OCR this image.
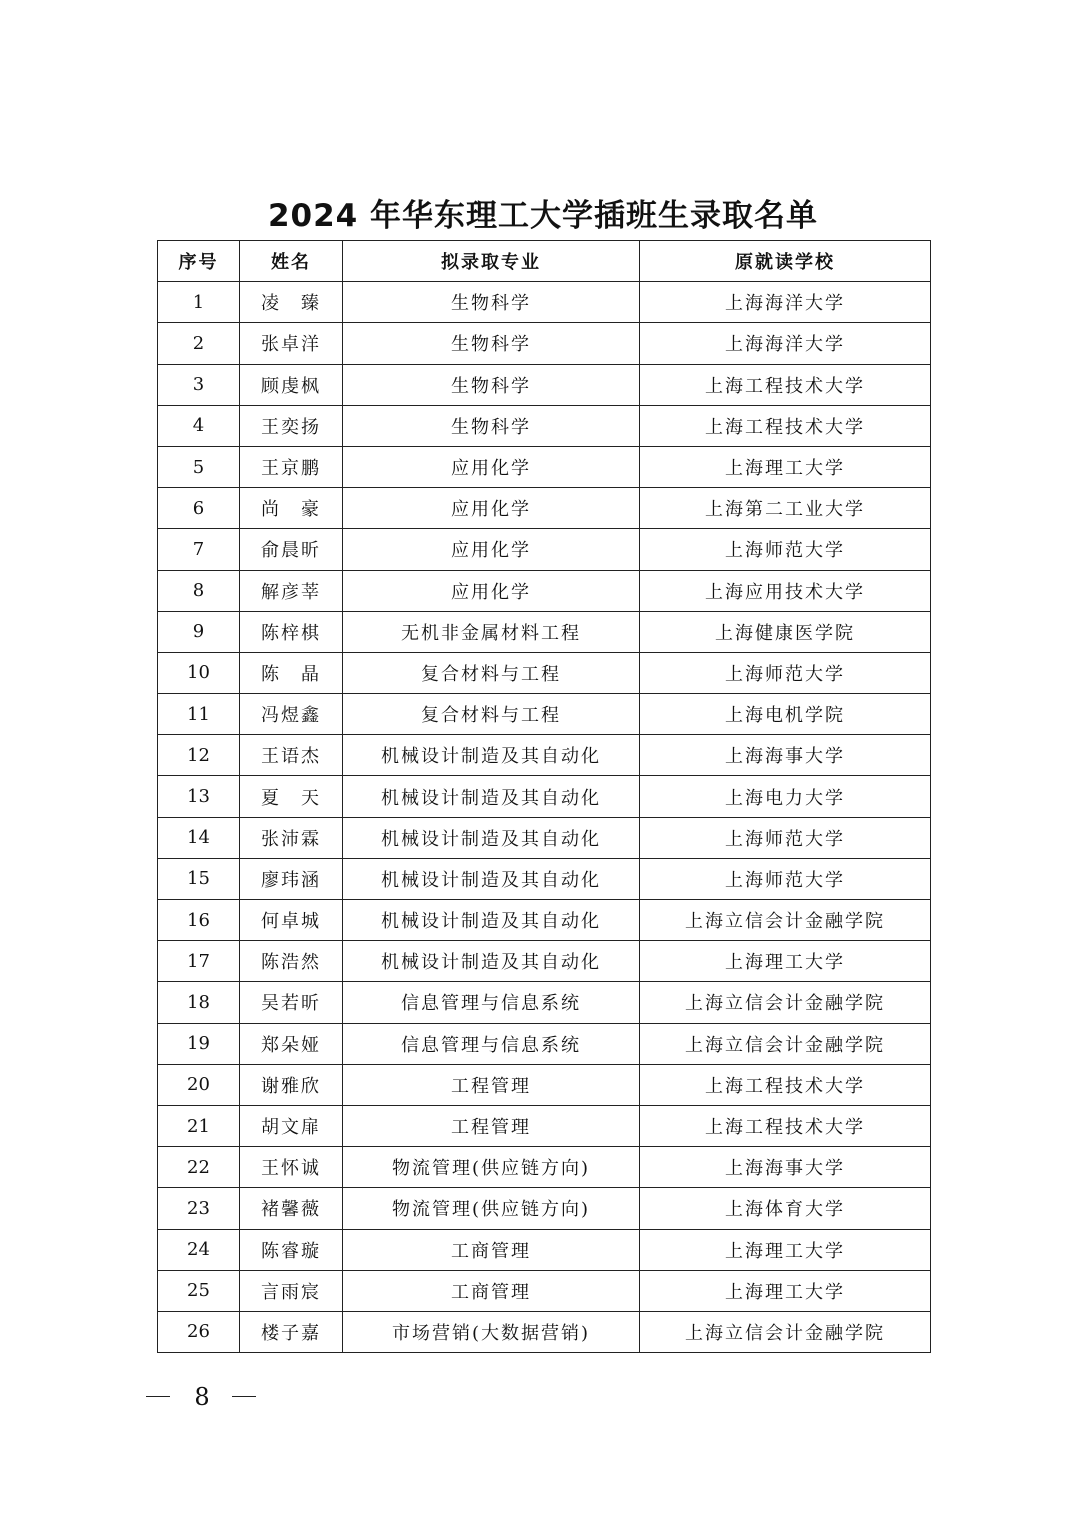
2024 年华东理工大学插班生录取名单
序号	姓名	拟录取专业	原就读学校
1	凌　臻	生物科学	上海海洋大学
2	张卓洋	生物科学	上海海洋大学
3	顾虔枫	生物科学	上海工程技术大学
4	王奕扬	生物科学	上海工程技术大学
5	王京鹏	应用化学	上海理工大学
6	尚　豪	应用化学	上海第二工业大学
7	俞晨昕	应用化学	上海师范大学
8	解彦莘	应用化学	上海应用技术大学
9	陈梓棋	无机非金属材料工程	上海健康医学院
10	陈　晶	复合材料与工程	上海师范大学
11	冯煜鑫	复合材料与工程	上海电机学院
12	王语杰	机械设计制造及其自动化	上海海事大学
13	夏　天	机械设计制造及其自动化	上海电力大学
14	张沛霖	机械设计制造及其自动化	上海师范大学
15	廖玮涵	机械设计制造及其自动化	上海师范大学
16	何卓城	机械设计制造及其自动化	上海立信会计金融学院
17	陈浩然	机械设计制造及其自动化	上海理工大学
18	吴若昕	信息管理与信息系统	上海立信会计金融学院
19	郑朵娅	信息管理与信息系统	上海立信会计金融学院
20	谢雅欣	工程管理	上海工程技术大学
21	胡文扉	工程管理	上海工程技术大学
22	王怀诚	物流管理(供应链方向)	上海海事大学
23	褚馨薇	物流管理(供应链方向)	上海体育大学
24	陈睿璇	工商管理	上海理工大学
25	言雨宸	工商管理	上海理工大学
26	楼子嘉	市场营销(大数据营销)	上海立信会计金融学院
8
